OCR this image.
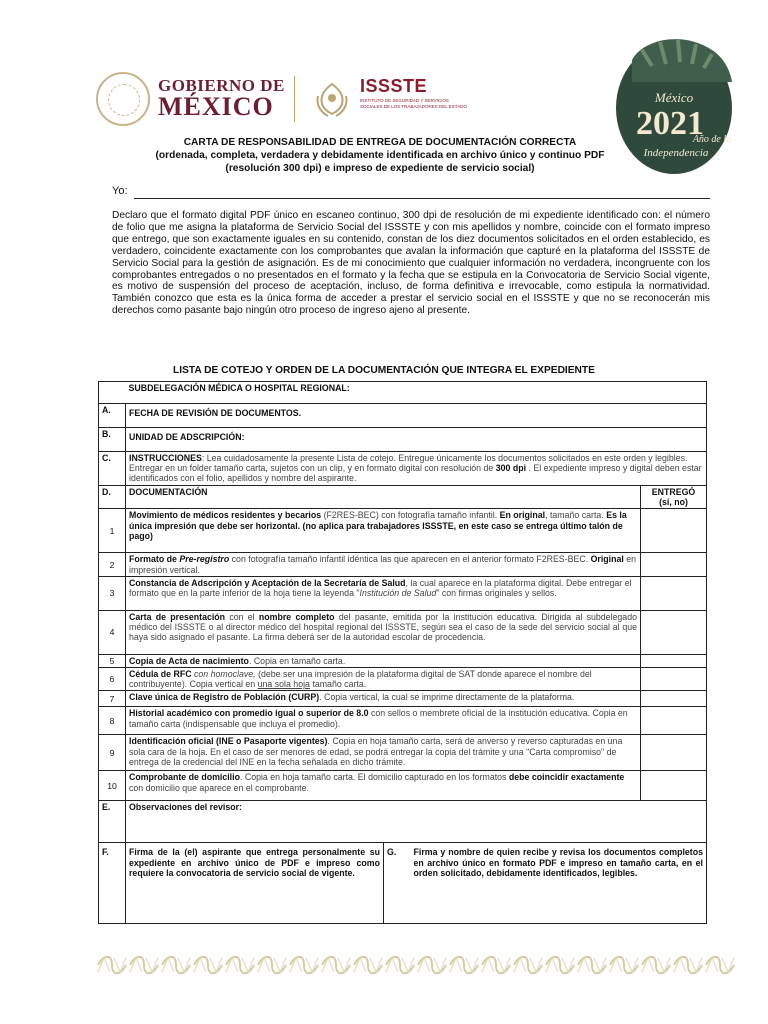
GOBIERNO DE
MÉXICO
ISSSTE
INSTITUTO DE SEGURIDAD Y SERVICIOS SOCIALES DE LOS TRABAJADORES DEL ESTADO
México
2021
Año de la
Independencia
CARTA DE RESPONSABILIDAD DE ENTREGA DE DOCUMENTACIÓN CORRECTA
(ordenada, completa, verdadera y debidamente identificada en archivo único y continuo PDF
(resolución 300 dpi) e impreso de expediente de servicio social)
Yo:
Declaro que el formato digital PDF único en escaneo continuo, 300 dpi de resolución de mi expediente identificado con: el número de folio que me asigna la plataforma de Servicio Social del ISSSTE y con mis apellidos y nombre, coincide con el formato impreso que entrego, que son exactamente iguales en su contenido, constan de los diez documentos solicitados en el orden establecido, es verdadero, coincidente exactamente con los comprobantes que avalan la información que capturé en la plataforma del ISSSTE de Servicio Social para la gestión de asignación. Es de mi conocimiento que cualquier información no verdadera, incongruente con los comprobantes entregados o no presentados en el formato y la fecha que se estipula en la Convocatoria de Servicio Social vigente, es motivo de suspensión del proceso de aceptación, incluso, de forma definitiva e irrevocable, como estipula la normatividad. También conozco que esta es la única forma de acceder a prestar el servicio social en el ISSSTE y que no se reconocerán mis derechos como pasante bajo ningún otro proceso de ingreso ajeno al presente.
LISTA DE COTEJO Y ORDEN DE LA DOCUMENTACIÓN QUE INTEGRA EL EXPEDIENTE
	SUBDELEGACIÓN MÉDICA O HOSPITAL REGIONAL:	
A.	FECHA DE REVISIÓN DE DOCUMENTOS.	
B.	UNIDAD DE ADSCRIPCIÓN:	
C.	INSTRUCCIONES: Lea cuidadosamente la presente Lista de cotejo. Entregue únicamente los documentos solicitados en este orden y legibles. Entregar en un folder tamaño carta, sujetos con un clip, y en formato digital con resolución de 300 dpi . El expediente impreso y digital deben estar identificados con el folio, apellidos y nombre del aspirante.	
D.	DOCUMENTACIÓN	ENTREGÓ
(sí, no)

1	Movimiento de médicos residentes y becarios (F2RES-BEC) con fotografía tamaño infantil. En original, tamaño carta. Es la única impresión que debe ser horizontal. (no aplica para trabajadores ISSSTE, en este caso se entrega último talón de pago)	
2	Formato de Pre-registro con fotografía tamaño infantil idéntica las que aparecen en el anterior formato F2RES-BEC. Original en impresión vertical.	
3	Constancia de Adscripción y Aceptación de la Secretaría de Salud, la cual aparece en la plataforma digital. Debe entregar el formato que en la parte inferior de la hoja tiene la leyenda "Institución de Salud" con firmas originales y sellos.	
4	Carta de presentación con el nombre completo del pasante, emitida por la institución educativa. Dirigida al subdelegado médico del ISSSTE o al director médico del hospital regional del ISSSTE, según sea el caso de la sede del servicio social al que haya sido asignado el pasante. La firma deberá ser de la autoridad escolar de procedencia.	
5	Copia de Acta de nacimiento. Copia en tamaño carta.	
6	Cédula de RFC con homoclave, (debe ser una impresión de la plataforma digital de SAT donde aparece el nombre del contribuyente). Copia vertical en una sola hoja tamaño carta.	
7	Clave única de Registro de Población (CURP). Copia vertical, la cual se imprime directamente de la plataforma.	
8	Historial académico con promedio igual o superior de 8.0 con sellos o membrete oficial de la institución educativa. Copia en tamaño carta (indispensable que incluya el promedio).	
9	Identificación oficial (INE o Pasaporte vigentes). Copia en hoja tamaño carta, será de anverso y reverso capturadas en una sola cara de la hoja. En el caso de ser menores de edad, se podrá entregar la copia del trámite y una "Carta compromiso" de entrega de la credencial del INE en la fecha señalada en dicho trámite.	
10	Comprobante de domicilio. Copia en hoja tamaño carta. El domicilio capturado en los formatos debe coincidir exactamente con domicilio que aparece en el comprobante.	
E.	Observaciones del revisor:	
F.	Firma de la (el) aspirante que entrega personalmente su expediente en archivo único de PDF e impreso como requiere la convocatoria de servicio social de vigente.	G.	Firma y nombre de quien recibe y revisa los documentos completos en archivo único en formato PDF e impreso en tamaño carta, en el orden solicitado, debidamente identificados, legibles.
